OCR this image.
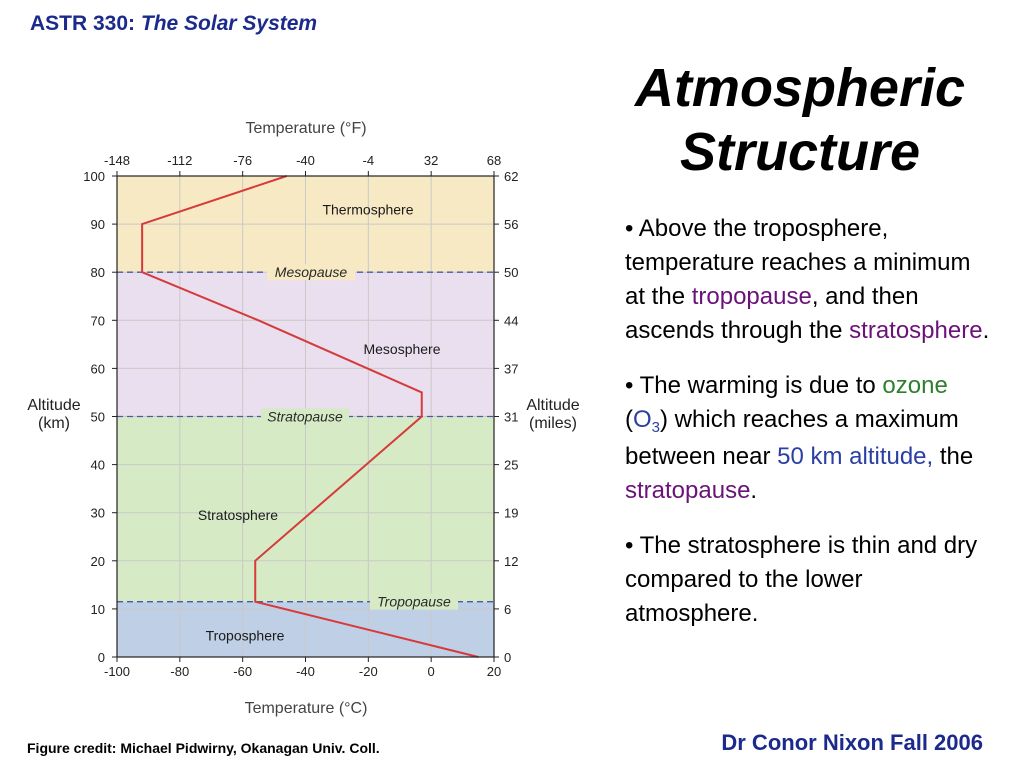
ASTR 330: The Solar System
Atmospheric
Structure

• Above the troposphere, temperature reaches a minimum at the tropopause, and then ascends through the stratosphere.

• The warming is due to ozone $(O_3)$ which reaches a maximum between near 50 km altitude, the stratopause.

• The stratosphere is thin and dry compared to the lower atmosphere.

Figure credit: Michael Pidwirny, Okanagan Univ. Coll.	Dr Conor Nixon Fall 2006
Tropopause
Stratopause
Mesopause
-100	-80	-60	-40	-20	0	20
-148	-112	-76	-40	-4	32	68
0
10
20
30
40
50
60
70
80
90
100
0
6
12
19
25
31
37
44
50
56
62
Troposphere
Stratosphere
Mesosphere
Thermosphere
Temperature (°F)
Temperature (°C)
Altitude
(km)
Altitude
(miles)
